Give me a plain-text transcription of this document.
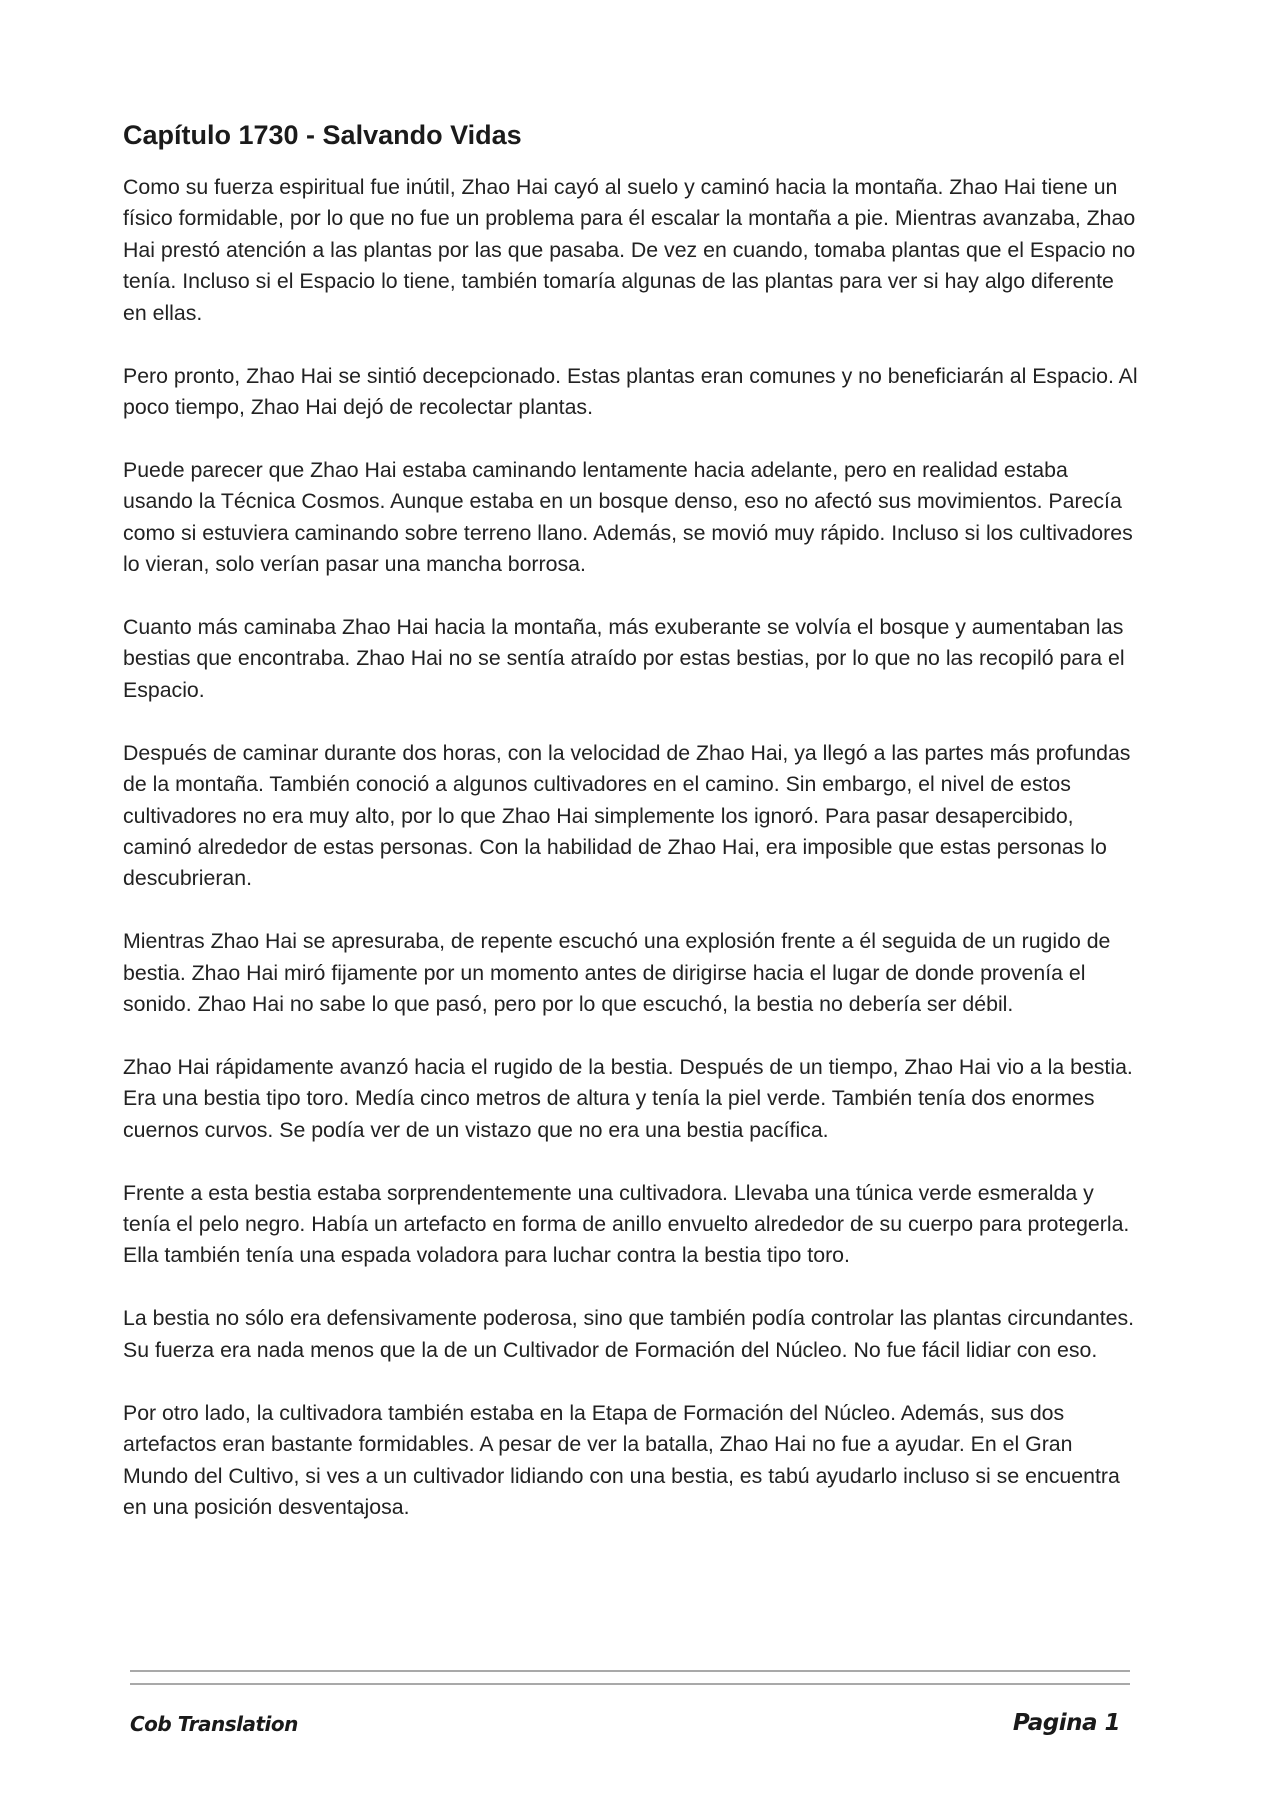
Capítulo 1730 - Salvando Vidas

Como su fuerza espiritual fue inútil, Zhao Hai cayó al suelo y caminó hacia la montaña. Zhao Hai tiene un físico formidable, por lo que no fue un problema para él escalar la montaña a pie. Mientras avanzaba, Zhao Hai prestó atención a las plantas por las que pasaba. De vez en cuando, tomaba plantas que el Espacio no tenía. Incluso si el Espacio lo tiene, también tomaría algunas de las plantas para ver si hay algo diferente en ellas.

Pero pronto, Zhao Hai se sintió decepcionado. Estas plantas eran comunes y no beneficiarán al Espacio. Al poco tiempo, Zhao Hai dejó de recolectar plantas.

Puede parecer que Zhao Hai estaba caminando lentamente hacia adelante, pero en realidad estaba usando la Técnica Cosmos. Aunque estaba en un bosque denso, eso no afectó sus movimientos. Parecía como si estuviera caminando sobre terreno llano. Además, se movió muy rápido. Incluso si los cultivadores lo vieran, solo verían pasar una mancha borrosa.

Cuanto más caminaba Zhao Hai hacia la montaña, más exuberante se volvía el bosque y aumentaban las bestias que encontraba. Zhao Hai no se sentía atraído por estas bestias, por lo que no las recopiló para el Espacio.

Después de caminar durante dos horas, con la velocidad de Zhao Hai, ya llegó a las partes más profundas de la montaña. También conoció a algunos cultivadores en el camino. Sin embargo, el nivel de estos cultivadores no era muy alto, por lo que Zhao Hai simplemente los ignoró. Para pasar desapercibido, caminó alrededor de estas personas. Con la habilidad de Zhao Hai, era imposible que estas personas lo descubrieran.

Mientras Zhao Hai se apresuraba, de repente escuchó una explosión frente a él seguida de un rugido de bestia. Zhao Hai miró fijamente por un momento antes de dirigirse hacia el lugar de donde provenía el sonido. Zhao Hai no sabe lo que pasó, pero por lo que escuchó, la bestia no debería ser débil.

Zhao Hai rápidamente avanzó hacia el rugido de la bestia. Después de un tiempo, Zhao Hai vio a la bestia. Era una bestia tipo toro. Medía cinco metros de altura y tenía la piel verde. También tenía dos enormes cuernos curvos. Se podía ver de un vistazo que no era una bestia pacífica.

Frente a esta bestia estaba sorprendentemente una cultivadora. Llevaba una túnica verde esmeralda y tenía el pelo negro. Había un artefacto en forma de anillo envuelto alrededor de su cuerpo para protegerla. Ella también tenía una espada voladora para luchar contra la bestia tipo toro.

La bestia no sólo era defensivamente poderosa, sino que también podía controlar las plantas circundantes. Su fuerza era nada menos que la de un Cultivador de Formación del Núcleo. No fue fácil lidiar con eso.

Por otro lado, la cultivadora también estaba en la Etapa de Formación del Núcleo. Además, sus dos artefactos eran bastante formidables. A pesar de ver la batalla, Zhao Hai no fue a ayudar. En el Gran Mundo del Cultivo, si ves a un cultivador lidiando con una bestia, es tabú ayudarlo incluso si se encuentra en una posición desventajosa.

Cob Translation	Pagina 1
